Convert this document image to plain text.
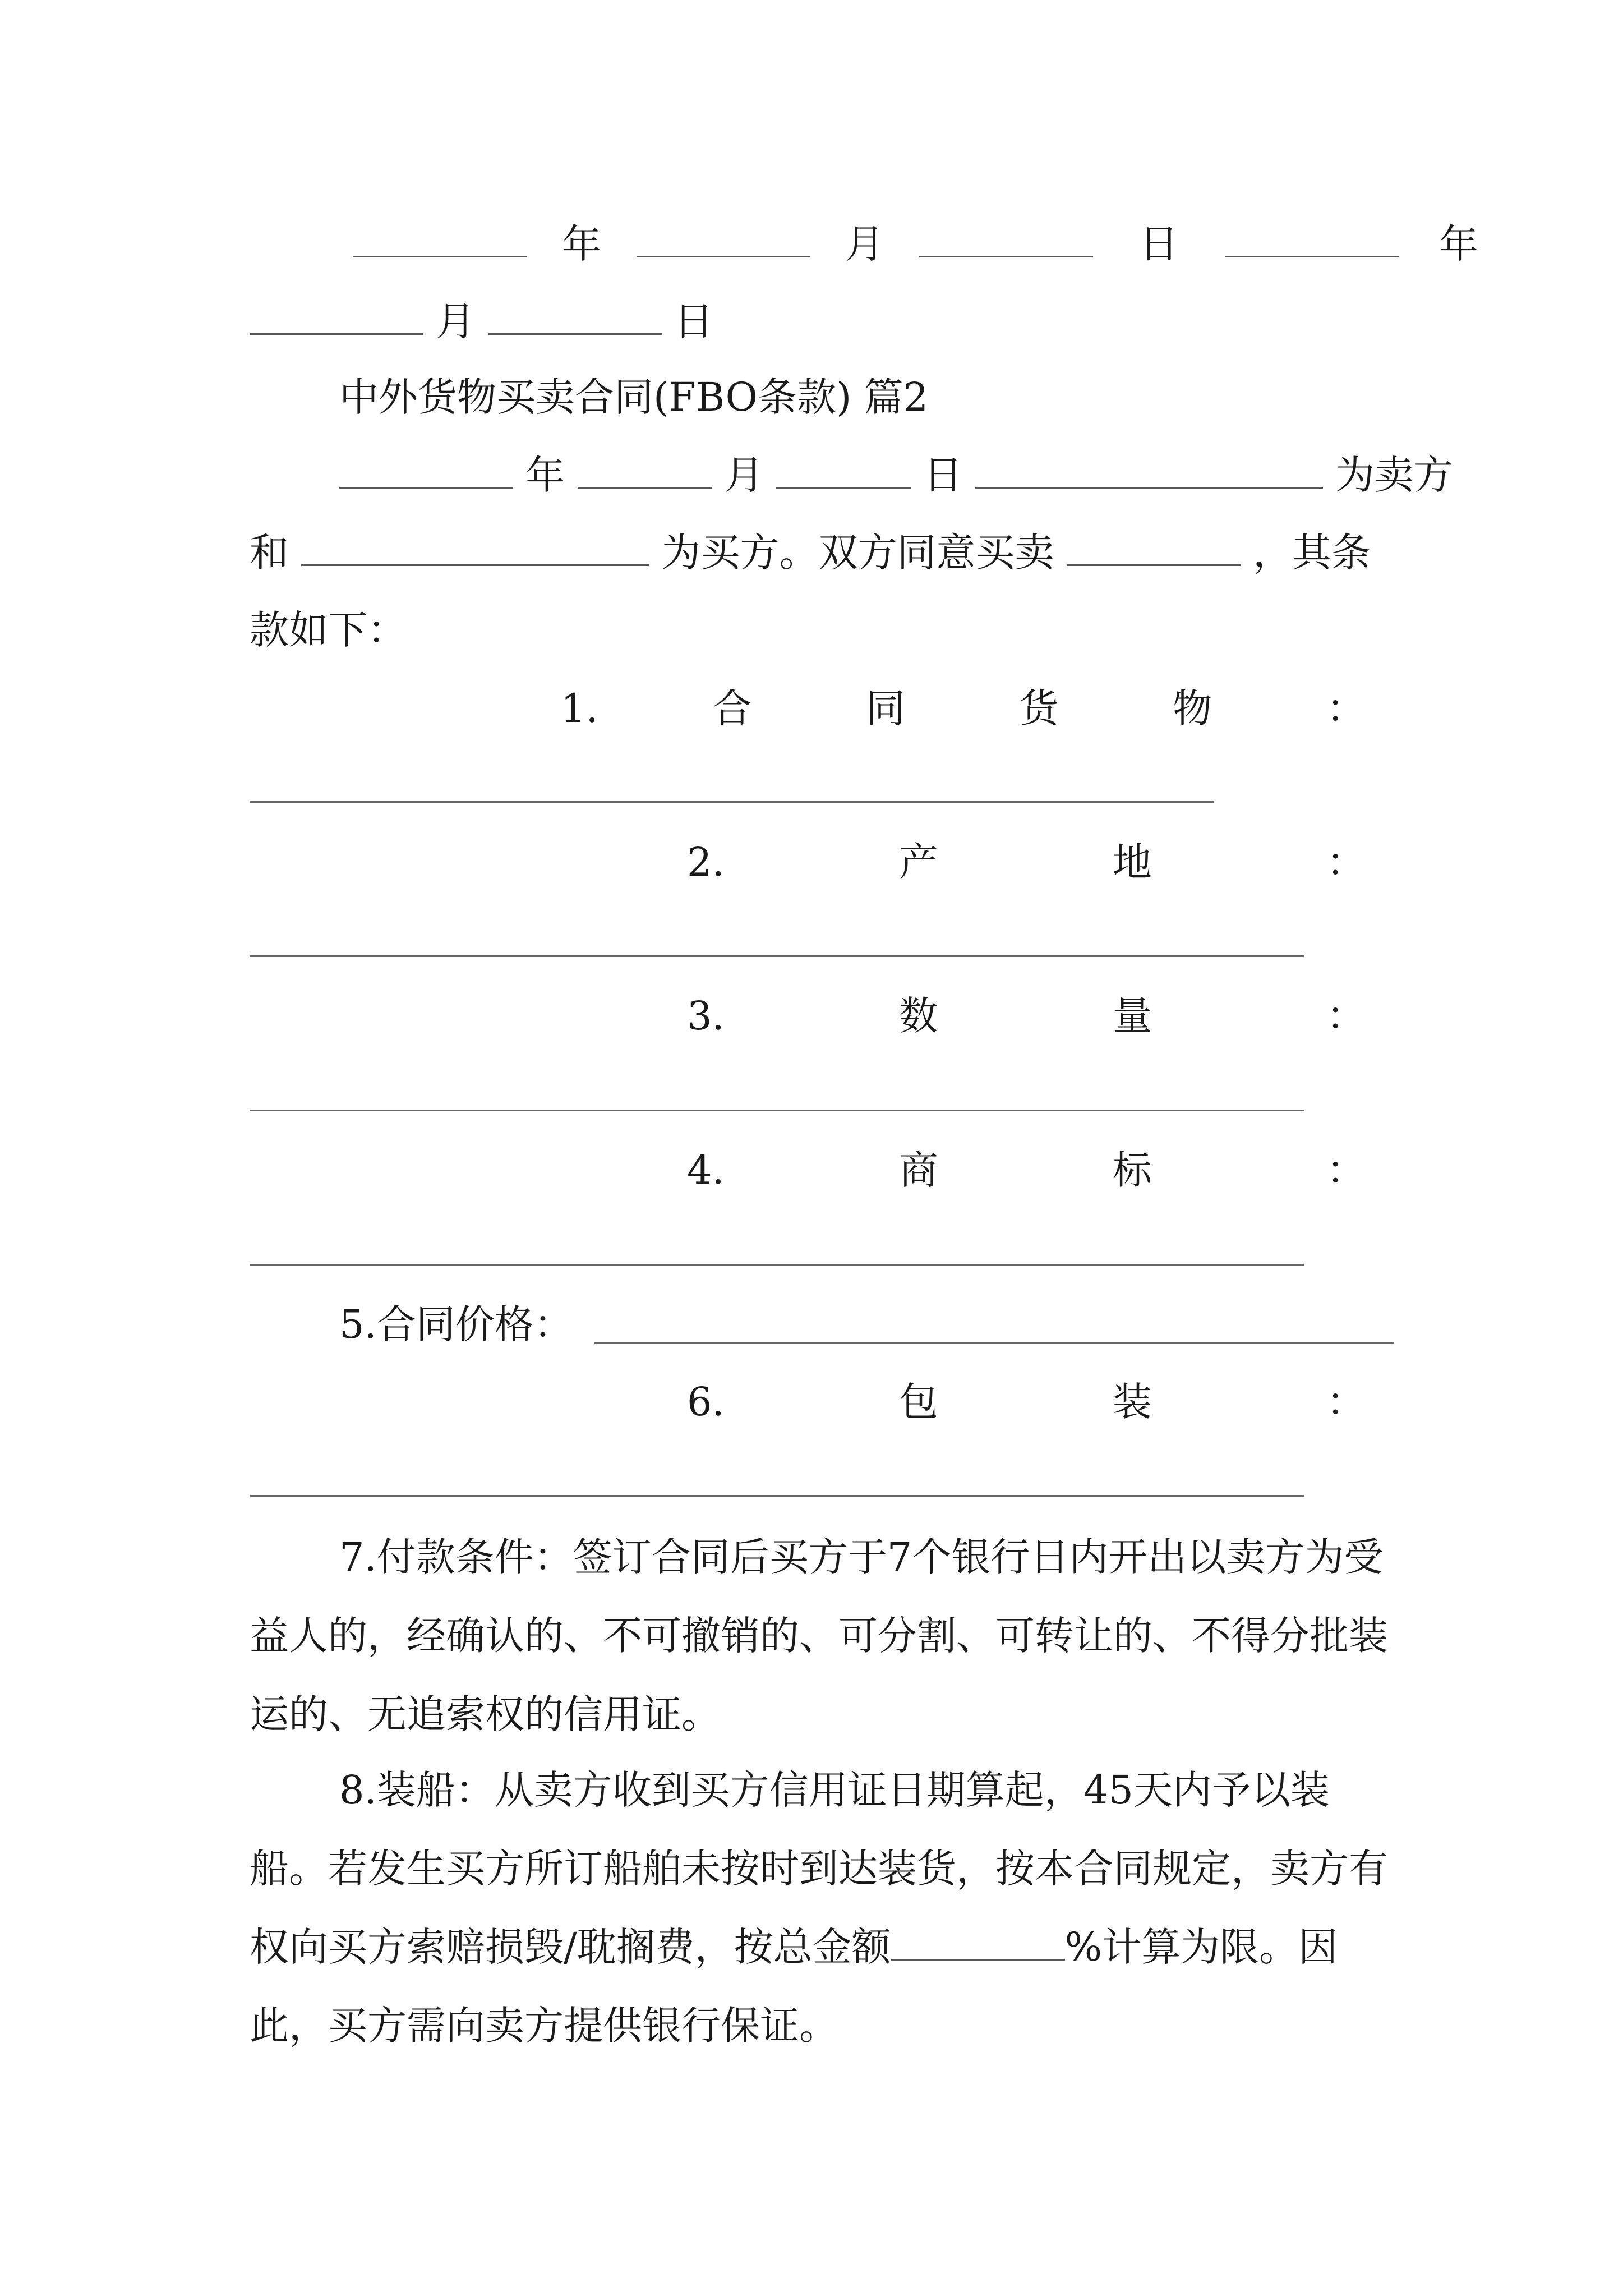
年	月	日	年
月	日
中外货物买卖合同(FBO条款) 篇2
年	月	日	为卖方
和	为买方。双方同意买卖	，其条
款如下：
1.	合	同	货	物	：
2.	产	地	：
3.	数	量	：
4.	商	标	：
5.合同价格：
6.	包	装	：
7.付款条件：签订合同后买方于7个银行日内开出以卖方为受益人的，经确认的、不可撤销的、可分割、可转让的、不得分批装运的、无追索权的信用证。
8.装船：从卖方收到买方信用证日期算起，45天内予以装船。若发生买方所订船舶未按时到达装货，按本合同规定，卖方有权向买方索赔损毁/耽搁费，按总金额	%计算为限。因此，买方需向卖方提供银行保证。
